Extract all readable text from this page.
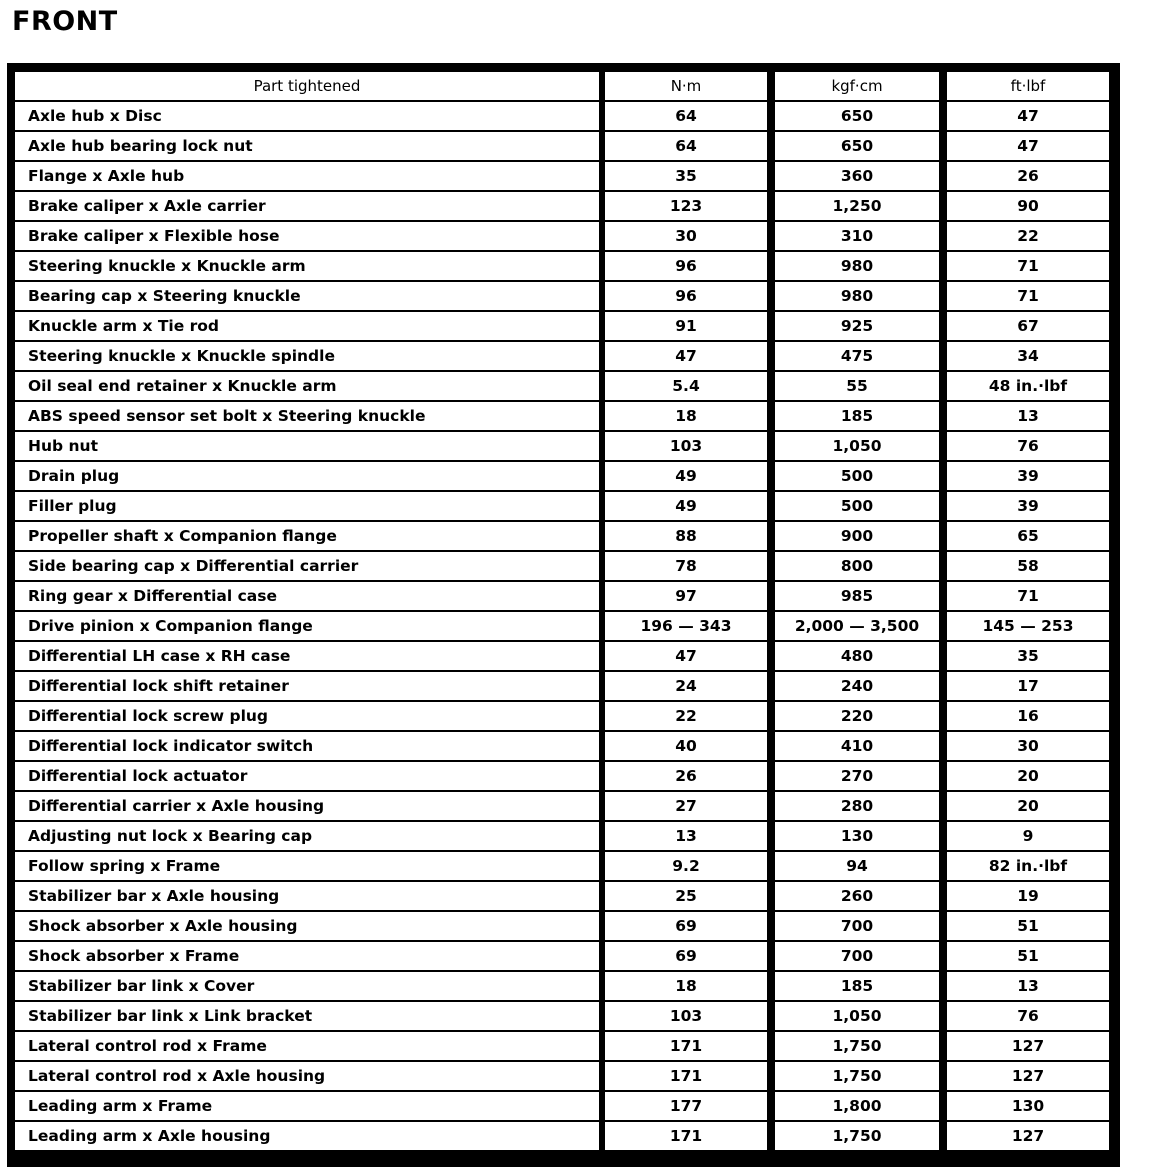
FRONT
Part tightened
Axle hub x Disc
Axle hub bearing lock nut
Flange x Axle hub
Brake caliper x Axle carrier
Brake caliper x Flexible hose
Steering knuckle x Knuckle arm
Bearing cap x Steering knuckle
Knuckle arm x Tie rod
Steering knuckle x Knuckle spindle
Oil seal end retainer x Knuckle arm
ABS speed sensor set bolt x Steering knuckle
Hub nut
Drain plug
Filler plug
Propeller shaft x Companion flange
Side bearing cap x Differential carrier
Ring gear x Differential case
Drive pinion x Companion flange
Differential LH case x RH case
Differential lock shift retainer
Differential lock screw plug
Differential lock indicator switch
Differential lock actuator
Differential carrier x Axle housing
Adjusting nut lock x Bearing cap
Follow spring x Frame
Stabilizer bar x Axle housing
Shock absorber x Axle housing
Shock absorber x Frame
Stabilizer bar link x Cover
Stabilizer bar link x Link bracket
Lateral control rod x Frame
Lateral control rod x Axle housing
Leading arm x Frame
Leading arm x Axle housing
N·m
64
64
35
123
30
96
96
91
47
5.4
18
103
49
49
88
78
97
196 — 343
47
24
22
40
26
27
13
9.2
25
69
69
18
103
171
171
177
171
kgf·cm
650
650
360
1,250
310
980
980
925
475
55
185
1,050
500
500
900
800
985
2,000 — 3,500
480
240
220
410
270
280
130
94
260
700
700
185
1,050
1,750
1,750
1,800
1,750
ft·lbf
47
47
26
90
22
71
71
67
34
48 in.·lbf
13
76
39
39
65
58
71
145 — 253
35
17
16
30
20
20
9
82 in.·lbf
19
51
51
13
76
127
127
130
127
